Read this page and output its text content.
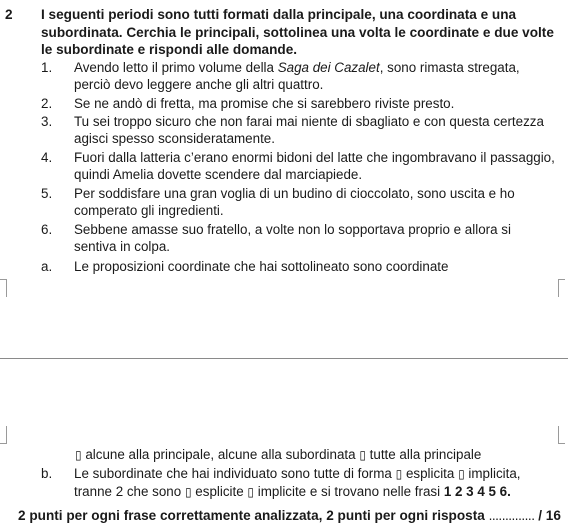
2 I seguenti periodi sono tutti formati dalla principale, una coordinata e una subordinata. Cerchia le principali, sottolinea una volta le coordinate e due volte le subordinate e rispondi alle domande.
1. Avendo letto il primo volume della Saga dei Cazalet, sono rimasta stregata, perciò devo leggere anche gli altri quattro.
2. Se ne andò di fretta, ma promise che si sarebbero riviste presto.
3. Tu sei troppo sicuro che non farai mai niente di sbagliato e con questa certezza agisci spesso sconsideratamente.
4. Fuori dalla latteria c’erano enormi bidoni del latte che ingombravano il passaggio, quindi Amelia dovette scendere dal marciapiede.
5. Per soddisfare una gran voglia di un budino di cioccolato, sono uscita e ho comperato gli ingredienti.
6. Sebbene amasse suo fratello, a volte non lo sopportava proprio e allora si sentiva in colpa.
a. Le proposizioni coordinate che hai sottolineato sono coordinate
▯ alcune alla principale, alcune alla subordinata ▯ tutte alla principale
b. Le subordinate che hai individuato sono tutte di forma ▯ esplicita ▯ implicita,
tranne 2 che sono ▯ esplicite ▯ implicite e si trovano nelle frasi 1 2 3 4 5 6.
2 punti per ogni frase correttamente analizzata, 2 punti per ogni risposta .............. / 16
